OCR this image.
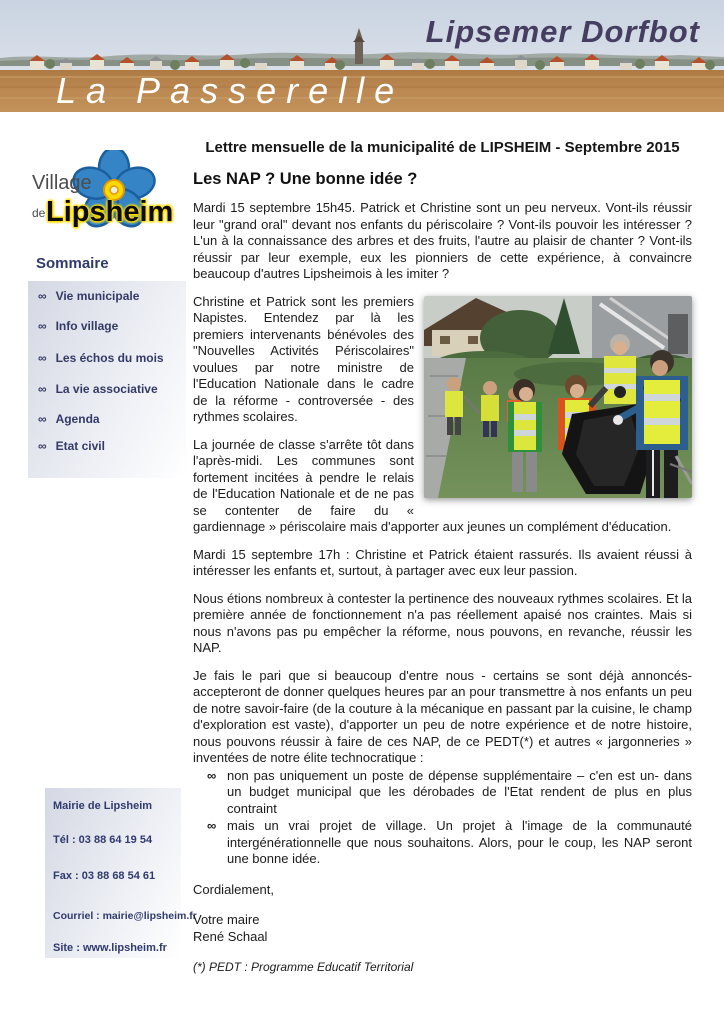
Lipsemer Dorfbot
La Passerelle
Lettre mensuelle de la municipalité de LIPSHEIM - Septembre 2015
Village
de Lipsheim
Sommaire
∞ Vie municipale
∞ Info village
∞ Les échos du mois
∞ La vie associative
∞ Agenda
∞ Etat civil
Mairie de Lipsheim
Tél : 03 88 64 19 54
Fax : 03 88 68 54 61
Courriel : mairie@lipsheim.fr
Site : www.lipsheim.fr
Les NAP ? Une bonne idée ?

Mardi 15 septembre 15h45. Patrick et Christine sont un peu nerveux. Vont-ils réussir leur "grand oral" devant nos enfants du périscolaire ? Vont-ils pouvoir les intéresser ? L'un à la connaissance des arbres et des fruits, l'autre au plaisir de chanter ? Vont-ils réussir par leur exemple, eux les pionniers de cette expérience, à convaincre beaucoup d'autres Lipsheimois à les imiter ?

Christine et Patrick sont les premiers Napistes. Entendez par là les premiers intervenants bénévoles des "Nouvelles Activités Périscolaires" voulues par notre ministre de l'Education Nationale dans le cadre de la réforme - controversée - des rythmes scolaires.

La journée de classe s'arrête tôt dans l'après-midi. Les communes sont fortement incitées à pendre le relais de l'Education Nationale et de ne pas se contenter de faire du « gardiennage » périscolaire mais d'apporter aux jeunes un complément d'éducation.

Mardi 15 septembre 17h : Christine et Patrick étaient rassurés. Ils avaient réussi à intéresser les enfants et, surtout, à partager avec eux leur passion.

Nous étions nombreux à contester la pertinence des nouveaux rythmes scolaires. Et la première année de fonctionnement n'a pas réellement apaisé nos craintes. Mais si nous n'avons pas pu empêcher la réforme, nous pouvons, en revanche, réussir les NAP.

Je fais le pari que si beaucoup d'entre nous - certains se sont déjà annoncés- accepteront de donner quelques heures par an pour transmettre à nos enfants un peu de notre savoir-faire (de la couture à la mécanique en passant par la cuisine, le champ d'exploration est vaste), d'apporter un peu de notre expérience et de notre histoire, nous pouvons réussir à faire de ces NAP, de ce PEDT(*) et autres « jargonneries » inventées de notre élite technocratique :

∞ non pas uniquement un poste de dépense supplémentaire – c'en est un- dans un budget municipal que les dérobades de l'Etat rendent de plus en plus contraint
∞ mais un vrai projet de village. Un projet à l'image de la communauté intergénérationnelle que nous souhaitons. Alors, pour le coup, les NAP seront une bonne idée.

Cordialement,

Votre maire

René Schaal

(*) PEDT : Programme Educatif Territorial
